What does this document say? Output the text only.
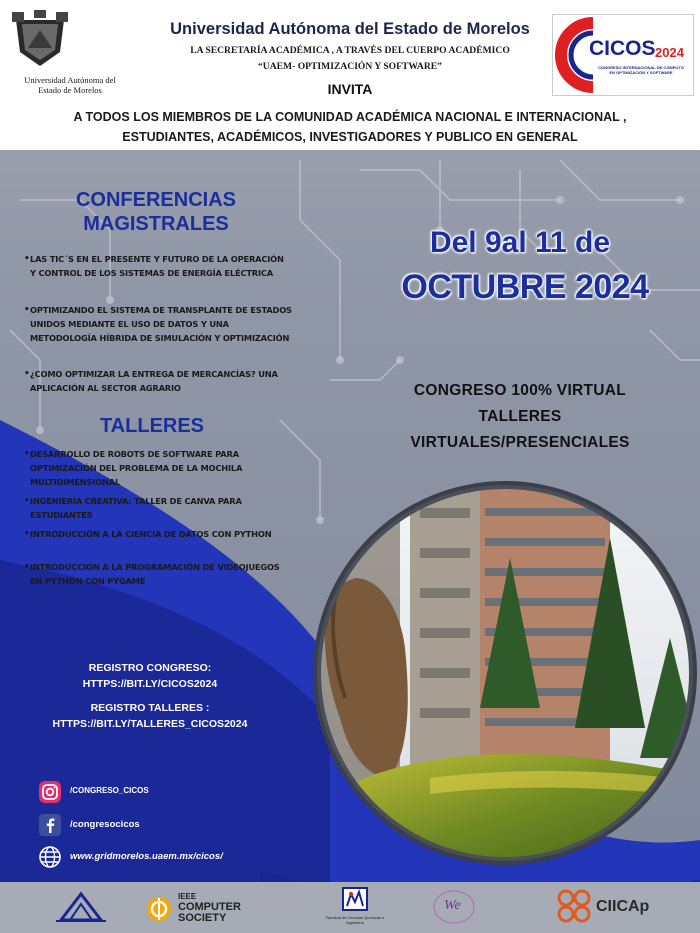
Universidad Autónoma del
Estado de Morelos
Universidad Autónoma del Estado de Morelos
LA SECRETARÍA ACADÉMICA , A TRAVÉS DEL CUERPO ACADÉMICO
“UAEM- OPTIMIZACIÓN Y SOFTWARE”
INVITA
A TODOS LOS MIEMBROS DE LA COMUNIDAD ACADÉMICA NACIONAL E INTERNACIONAL ,
ESTUDIANTES, ACADÉMICOS, INVESTIGADORES Y PUBLICO EN GENERAL
CICOS 2024
CONGRESO INTERNACIONAL DE CÓMPUTO
EN OPTIMIZACIÓN Y SOFTWARE
CONFERENCIAS
MAGISTRALES
• LAS TIC´S EN EL PRESENTE Y FUTURO DE LA OPERACIÓN Y CONTROL DE LOS SISTEMAS DE ENERGÍA ELÉCTRICA
• OPTIMIZANDO EL SISTEMA DE TRANSPLANTE DE ESTADOS UNIDOS MEDIANTE EL USO DE DATOS Y UNA METODOLOGÍA HÍBRIDA DE SIMULACIÓN Y OPTIMIZACIÓN
• ¿COMO OPTIMIZAR LA ENTREGA DE MERCANCÍAS? UNA APLICACIÓN AL SECTOR AGRARIO
TALLERES
• DESARROLLO DE ROBOTS DE SOFTWARE PARA OPTIMIZACIÓN DEL PROBLEMA DE LA MOCHILA MULTIDIMENSIONAL
• INGENIERÍA CREATIVA: TALLER DE CANVA PARA ESTUDIANTES
• INTRODUCCIÓN A LA CIENCIA DE DATOS CON PYTHON
• INTRODUCCIÓN A LA PROGRAMACIÓN DE VIDEOJUEGOS EN PYTHON CON PYGAME
Del 9al 11 de
OCTUBRE 2024
CONGRESO 100% VIRTUAL
TALLERES
VIRTUALES/PRESENCIALES
REGISTRO CONGRESO:
HTTPS://BIT.LY/CICOS2024
REGISTRO TALLERES :
HTTPS://BIT.LY/TALLERES_CICOS2024
/CONGRESO_CICOS
/congresocicos
www.gridmorelos.uaem.mx/cicos/
IEEE
COMPUTER
SOCIETY	Facultad de Ciencias Químicas e Ingeniería
We	CIICAp
